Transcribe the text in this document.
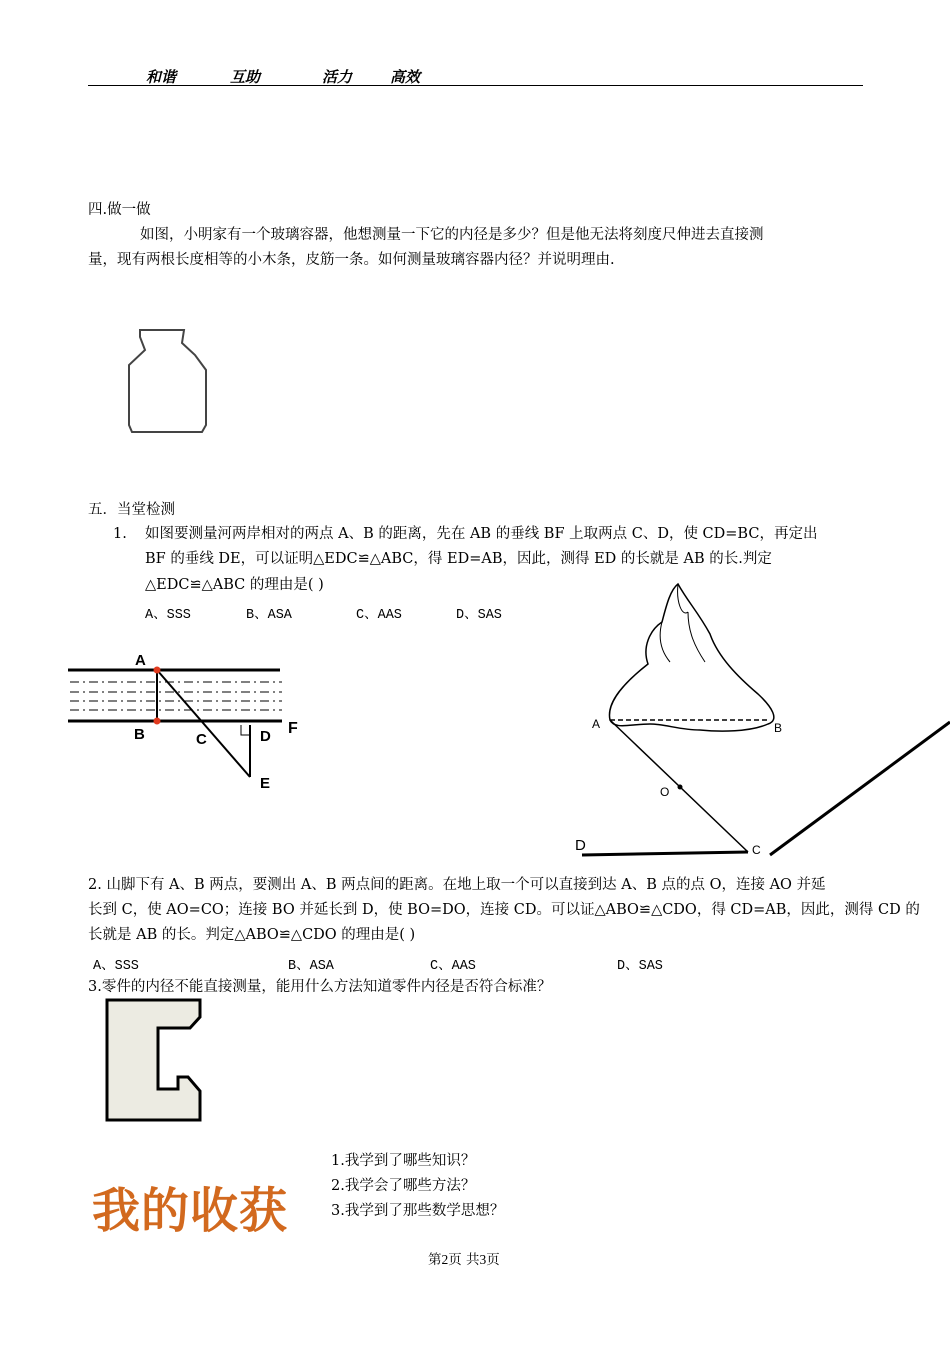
和谐	互助	活力	高效
四.做一做
如图，小明家有一个玻璃容器，他想测量一下它的内径是多少？但是他无法将刻度尺伸进去直接测
量，现有两根长度相等的小木条，皮筋一条。如何测量玻璃容器内径？并说明理由.
五．当堂检测
1. 如图要测量河两岸相对的两点 A、B 的距离，先在 AB 的垂线 BF 上取两点 C、D，使 CD=BC，再定出
BF 的垂线 DE，可以证明△EDC≌△ABC，得 ED=AB，因此，测得 ED 的长就是 AB 的长.判定
△EDC≌△ABC 的理由是( )
A、SSS	B、ASA	C、AAS	D、SAS
A
B	C	D
E
F	A	B
O
C
D
2. 山脚下有 A、B 两点，要测出 A、B 两点间的距离。在地上取一个可以直接到达 A、B 点的点 O，连接 AO 并延
长到 C，使 AO=CO；连接 BO 并延长到 D，使 BO=DO，连接 CD。可以证△ABO≌△CDO，得 CD=AB，因此，测得 CD 的
长就是 AB 的长。判定△ABO≌△CDO 的理由是( )
A、SSS	B、ASA	C、AAS	D、SAS
3.零件的内径不能直接测量，能用什么方法知道零件内径是否符合标准？
我的收获
1.我学到了哪些知识？
2.我学会了哪些方法？
3.我学到了那些数学思想？
第2页 共3页
